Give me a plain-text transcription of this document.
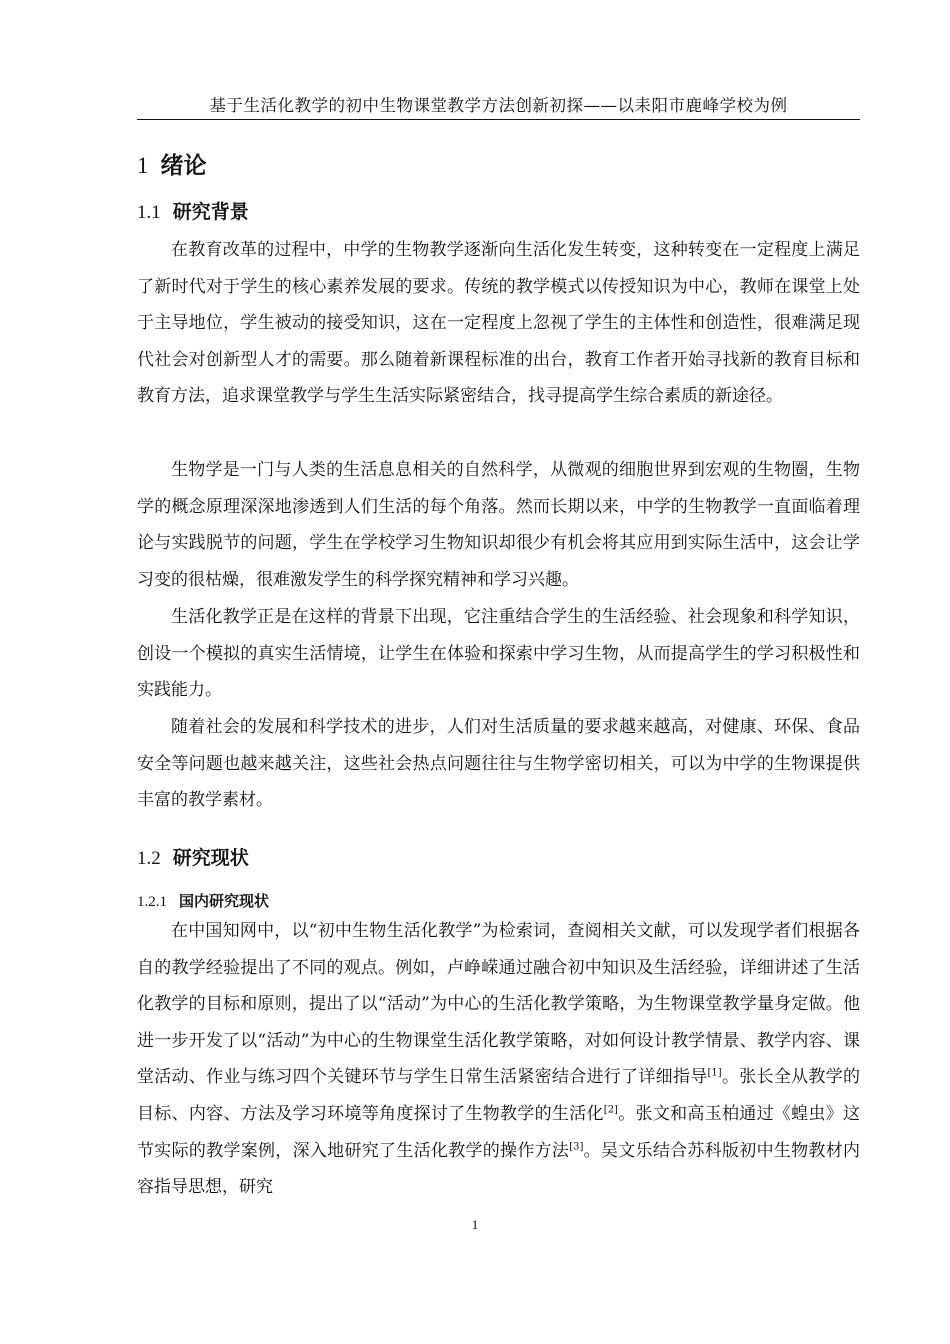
基于生活化教学的初中生物课堂教学方法创新初探——以耒阳市鹿峰学校为例
1 绪论
1.1 研究背景

在教育改革的过程中，中学的生物教学逐渐向生活化发生转变，这种转变在一定程度上满足了新时代对于学生的核心素养发展的要求。传统的教学模式以传授知识为中心，教师在课堂上处于主导地位，学生被动的接受知识，这在一定程度上忽视了学生的主体性和创造性，很难满足现代社会对创新型人才的需要。那么随着新课程标准的出台，教育工作者开始寻找新的教育目标和教育方法，追求课堂教学与学生生活实际紧密结合，找寻提高学生综合素质的新途径。

生物学是一门与人类的生活息息相关的自然科学，从微观的细胞世界到宏观的生物圈，生物学的概念原理深深地渗透到人们生活的每个角落。然而长期以来，中学的生物教学一直面临着理论与实践脱节的问题，学生在学校学习生物知识却很少有机会将其应用到实际生活中，这会让学习变的很枯燥，很难激发学生的科学探究精神和学习兴趣。

生活化教学正是在这样的背景下出现，它注重结合学生的生活经验、社会现象和科学知识，创设一个模拟的真实生活情境，让学生在体验和探索中学习生物，从而提高学生的学习积极性和实践能力。

随着社会的发展和科学技术的进步，人们对生活质量的要求越来越高，对健康、环保、食品安全等问题也越来越关注，这些社会热点问题往往与生物学密切相关，可以为中学的生物课提供丰富的教学素材。

1.2 研究现状
1.2.1 国内研究现状

在中国知网中，以“初中生物生活化教学”为检索词，查阅相关文献，可以发现学者们根据各自的教学经验提出了不同的观点。例如，卢峥嵘通过融合初中知识及生活经验，详细讲述了生活化教学的目标和原则，提出了以“活动”为中心的生活化教学策略，为生物课堂教学量身定做。他进一步开发了以“活动”为中心的生物课堂生活化教学策略，对如何设计教学情景、教学内容、课堂活动、作业与练习四个关键环节与学生日常生活紧密结合进行了详细指导[1]。张长全从教学的目标、内容、方法及学习环境等角度探讨了生物教学的生活化[2]。张文和高玉柏通过《蝗虫》这节实际的教学案例，深入地研究了生活化教学的操作方法[3]。吴文乐结合苏科版初中生物教材内容指导思想，研究

1
